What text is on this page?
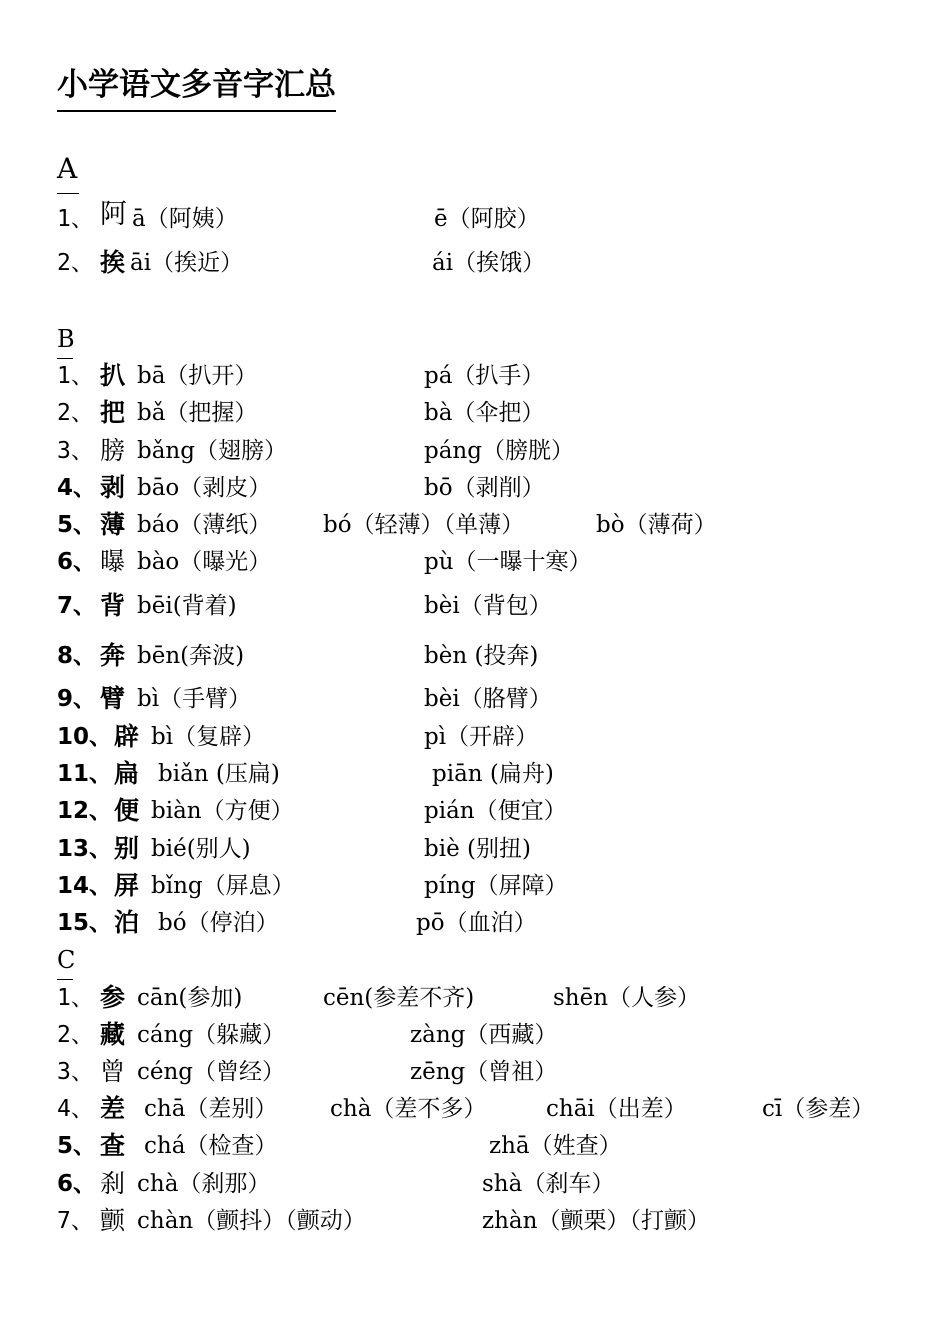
小学语文多音字汇总
A
1、 阿 ā（阿姨）	ē（阿胶）
2、 挨 āi（挨近）	ái（挨饿）
B
1、 扒 bā（扒开）	pá（扒手）
2、 把 bǎ（把握）	bà（伞把）
3、 膀 bǎng（翅膀）	páng（膀胱）
4、 剥 bāo（剥皮）	bō（剥削）
5、 薄 báo（薄纸） bó（轻薄）（单薄）	bò（薄荷）
6、 曝 bào（曝光）	pù（一曝十寒）
7、 背 bēi(背着)	bèi（背包）
8、 奔 bēn(奔波)	bèn (投奔)
9、 臂 bì（手臂）	bèi（胳臂）
10、 辟 bì（复辟）	pì（开辟）
11、 扁 biǎn (压扁)	piān (扁舟)
12、 便 biàn（方便）	pián（便宜）
13、 别 bié(别人)	biè (别扭)
14、 屏 bǐng（屏息）	píng（屏障）
15、 泊 bó（停泊）	pō（血泊）
C
1、 参 cān(参加)	cēn(参差不齐)	shēn（人参）
2、 藏 cáng（躲藏）	zàng（西藏）
3、 曾 céng（曾经）	zēng（曾祖）
4、 差 chā（差别） chà（差不多）	chāi（出差）	cī（参差）
5、 查 chá（检查）	zhā（姓查）
6、 刹 chà（刹那）	shà（刹车）
7、 颤 chàn（颤抖）（颤动）	zhàn（颤栗）（打颤）
